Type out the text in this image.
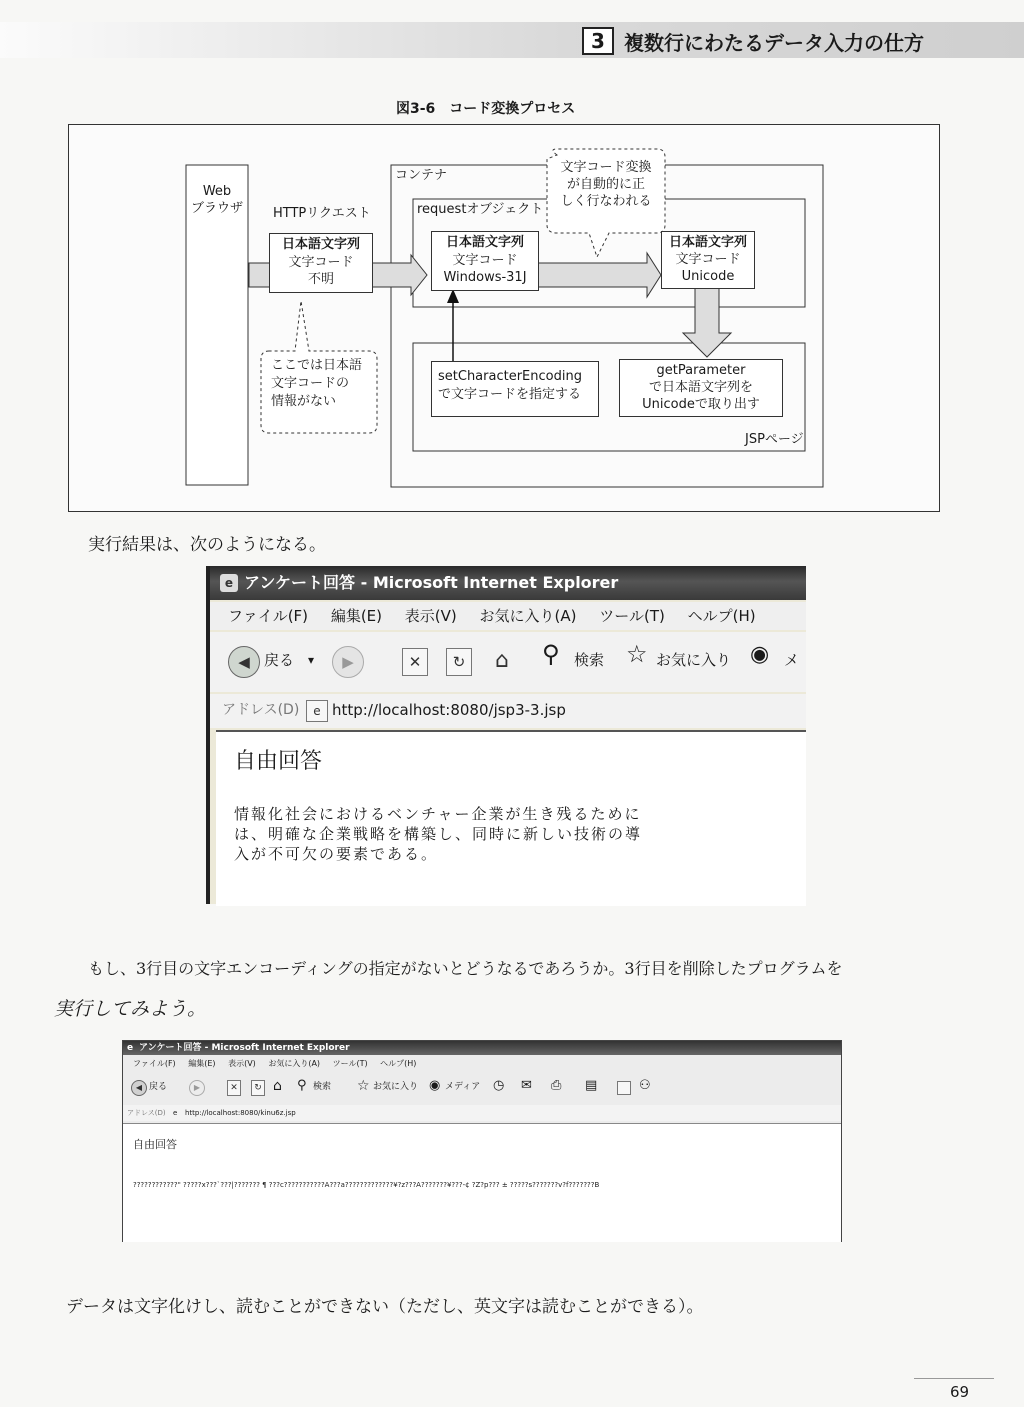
3 複数行にわたるデータ入力の仕方
図3-6　コード変換プロセス
Web
ブラウザ	HTTPリクエスト
コンテナ
requestオブジェクト
JSPページ
文字コード変換
が自動的に正
しく行なわれる
ここでは日本語
文字コードの
情報がない
日本語文字列
文字コード
不明
日本語文字列
文字コード
Windows-31J
日本語文字列
文字コード
Unicode
setCharacterEncoding
で文字コードを指定する
getParameter
で日本語文字列を
Unicodeで取り出す
実行結果は、次のようになる。
e アンケート回答 - Microsoft Internet Explorer
ファイル(F) 編集(E) 表示(V) お気に入り(A) ツール(T) ヘルプ(H)
◀ 戻る ▾	▶	✕	↻	⌂ ⚲ 検索 ☆ お気に入り ◉ メ
アドレス(D)	e http://localhost:8080/jsp3-3.jsp
自由回答
情報化社会におけるベンチャー企業が生き残るために
は、明確な企業戦略を構築し、同時に新しい技術の導
入が不可欠の要素である。
もし、3行目の文字エンコーディングの指定がないとどうなるであろうか。3行目を削除したプログラムを
実行してみよう。
e アンケート回答 - Microsoft Internet Explorer
ファイル(F) 編集(E) 表示(V) お気に入り(A) ツール(T) ヘルプ(H)
◀ 戻る	▶	✕	↻ ⌂ ⚲ 検索 ☆ お気に入り ◉ メディア ◷ ✉ ⎙ ▤	⚇
アドレス(D) e http://localhost:8080/kinu6z.jsp
自由回答
????????????" ?????x???`???|??????? ¶ ???c???????????A???a?????????????¥?z???A???????¥???-¢ ?Z?p??? ± ?????s???????v?f???????B
データは文字化けし、読むことができない（ただし、英文字は読むことができる）。
69
